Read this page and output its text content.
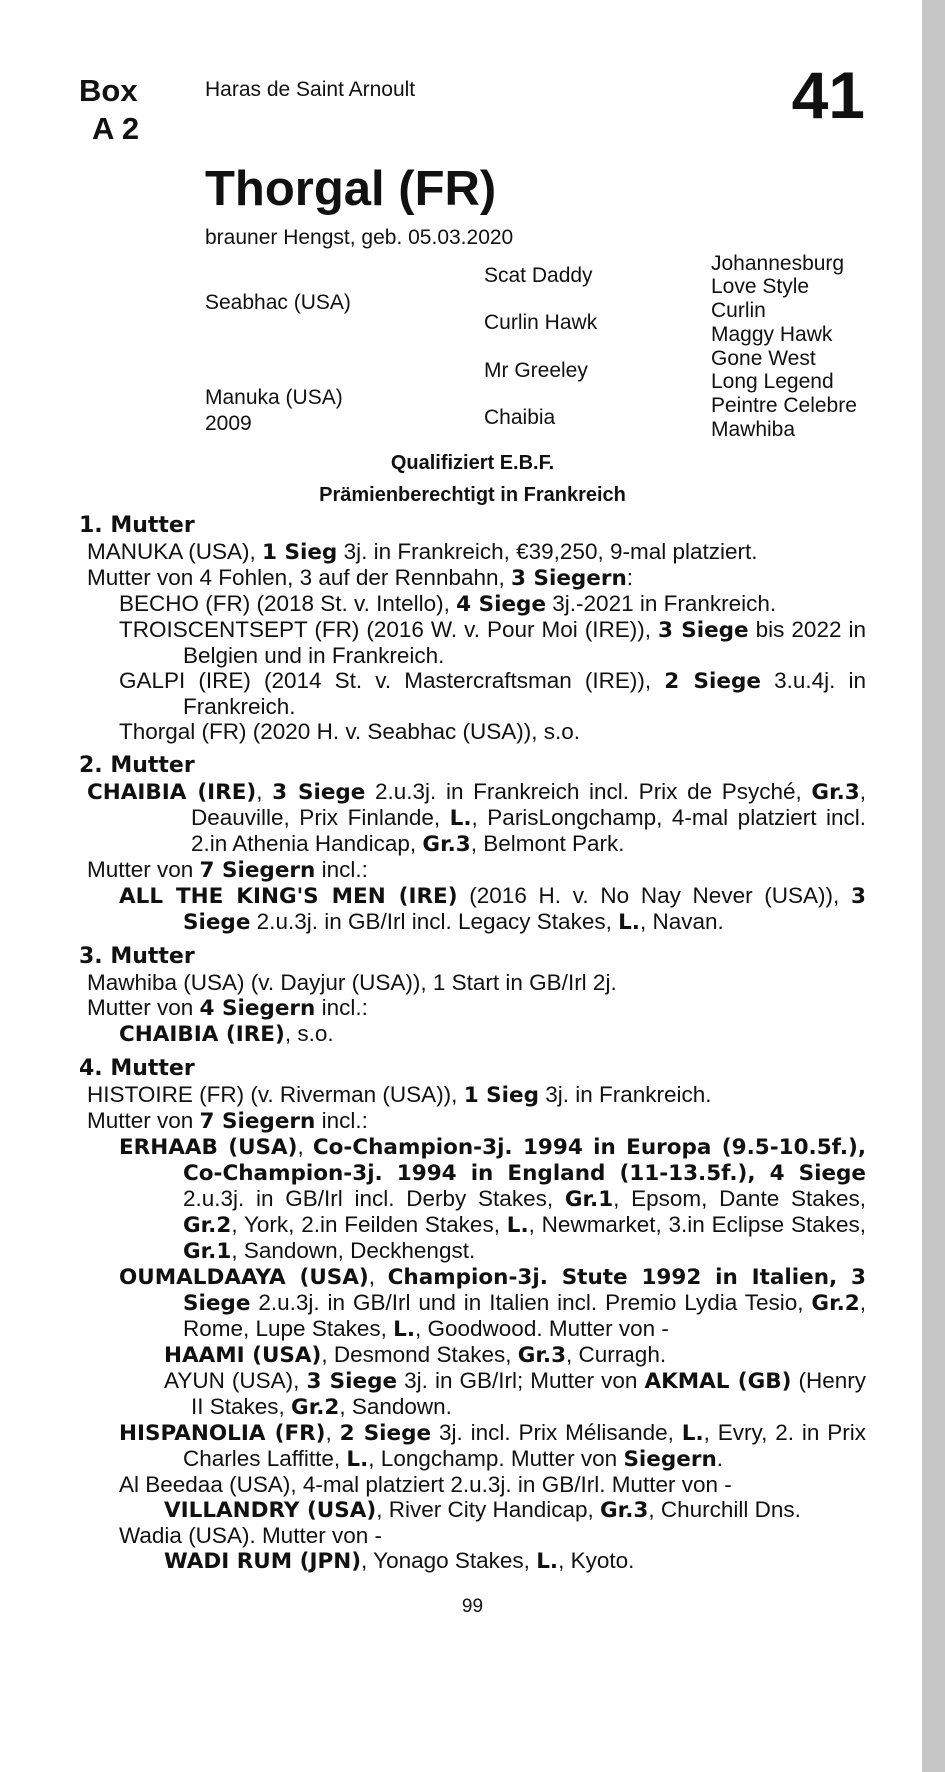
Box
A 2
Haras de Saint Arnoult	41
Thorgal (FR)
brauner Hengst, geb. 05.03.2020
Seabhac (USA)
Manuka (USA)
2009
Scat Daddy
Curlin Hawk
Mr Greeley
Chaibia
Johannesburg
Love Style
Curlin
Maggy Hawk
Gone West
Long Legend
Peintre Celebre
Mawhiba
Qualifiziert E.B.F.
Prämienberechtigt in Frankreich
1. Mutter
MANUKA (USA), 1 Sieg 3j. in Frankreich, €39,250, 9-mal platziert.
Mutter von 4 Fohlen, 3 auf der Rennbahn, 3 Siegern:
BECHO (FR) (2018 St. v. Intello), 4 Siege 3j.-2021 in Frankreich.
TROISCENTSEPT (FR) (2016 W. v. Pour Moi (IRE)), 3 Siege bis 2022 in Belgien und in Frankreich.
GALPI (IRE) (2014 St. v. Mastercraftsman (IRE)), 2 Siege 3.u.4j. in Frankreich.
Thorgal (FR) (2020 H. v. Seabhac (USA)), s.o.
2. Mutter
CHAIBIA (IRE), 3 Siege 2.u.3j. in Frankreich incl. Prix de Psyché, Gr.3, Deauville, Prix Finlande, L., ParisLongchamp, 4-mal platziert incl. 2.in Athenia Handicap, Gr.3, Belmont Park.
Mutter von 7 Siegern incl.:
ALL THE KING'S MEN (IRE) (2016 H. v. No Nay Never (USA)), 3 Siege 2.u.3j. in GB/Irl incl. Legacy Stakes, L., Navan.
3. Mutter
Mawhiba (USA) (v. Dayjur (USA)), 1 Start in GB/Irl 2j.
Mutter von 4 Siegern incl.:
CHAIBIA (IRE), s.o.
4. Mutter
HISTOIRE (FR) (v. Riverman (USA)), 1 Sieg 3j. in Frankreich.
Mutter von 7 Siegern incl.:
ERHAAB (USA), Co-Champion-3j. 1994 in Europa (9.5-10.5f.), Co-Champion-3j. 1994 in England (11-13.5f.), 4 Siege 2.u.3j. in GB/Irl incl. Derby Stakes, Gr.1, Epsom, Dante Stakes, Gr.2, York, 2.in Feilden Stakes, L., Newmarket, 3.in Eclipse Stakes, Gr.1, Sandown, Deckhengst.
OUMALDAAYA (USA), Champion-3j. Stute 1992 in Italien, 3 Siege 2.u.3j. in GB/Irl und in Italien incl. Premio Lydia Tesio, Gr.2, Rome, Lupe Stakes, L., Goodwood. Mutter von -
HAAMI (USA), Desmond Stakes, Gr.3, Curragh.
AYUN (USA), 3 Siege 3j. in GB/Irl; Mutter von AKMAL (GB) (Henry II Stakes, Gr.2, Sandown.
HISPANOLIA (FR), 2 Siege 3j. incl. Prix Mélisande, L., Evry, 2. in Prix Charles Laffitte, L., Longchamp. Mutter von Siegern.
Al Beedaa (USA), 4-mal platziert 2.u.3j. in GB/Irl. Mutter von -
VILLANDRY (USA), River City Handicap, Gr.3, Churchill Dns.
Wadia (USA). Mutter von -
WADI RUM (JPN), Yonago Stakes, L., Kyoto.
99
